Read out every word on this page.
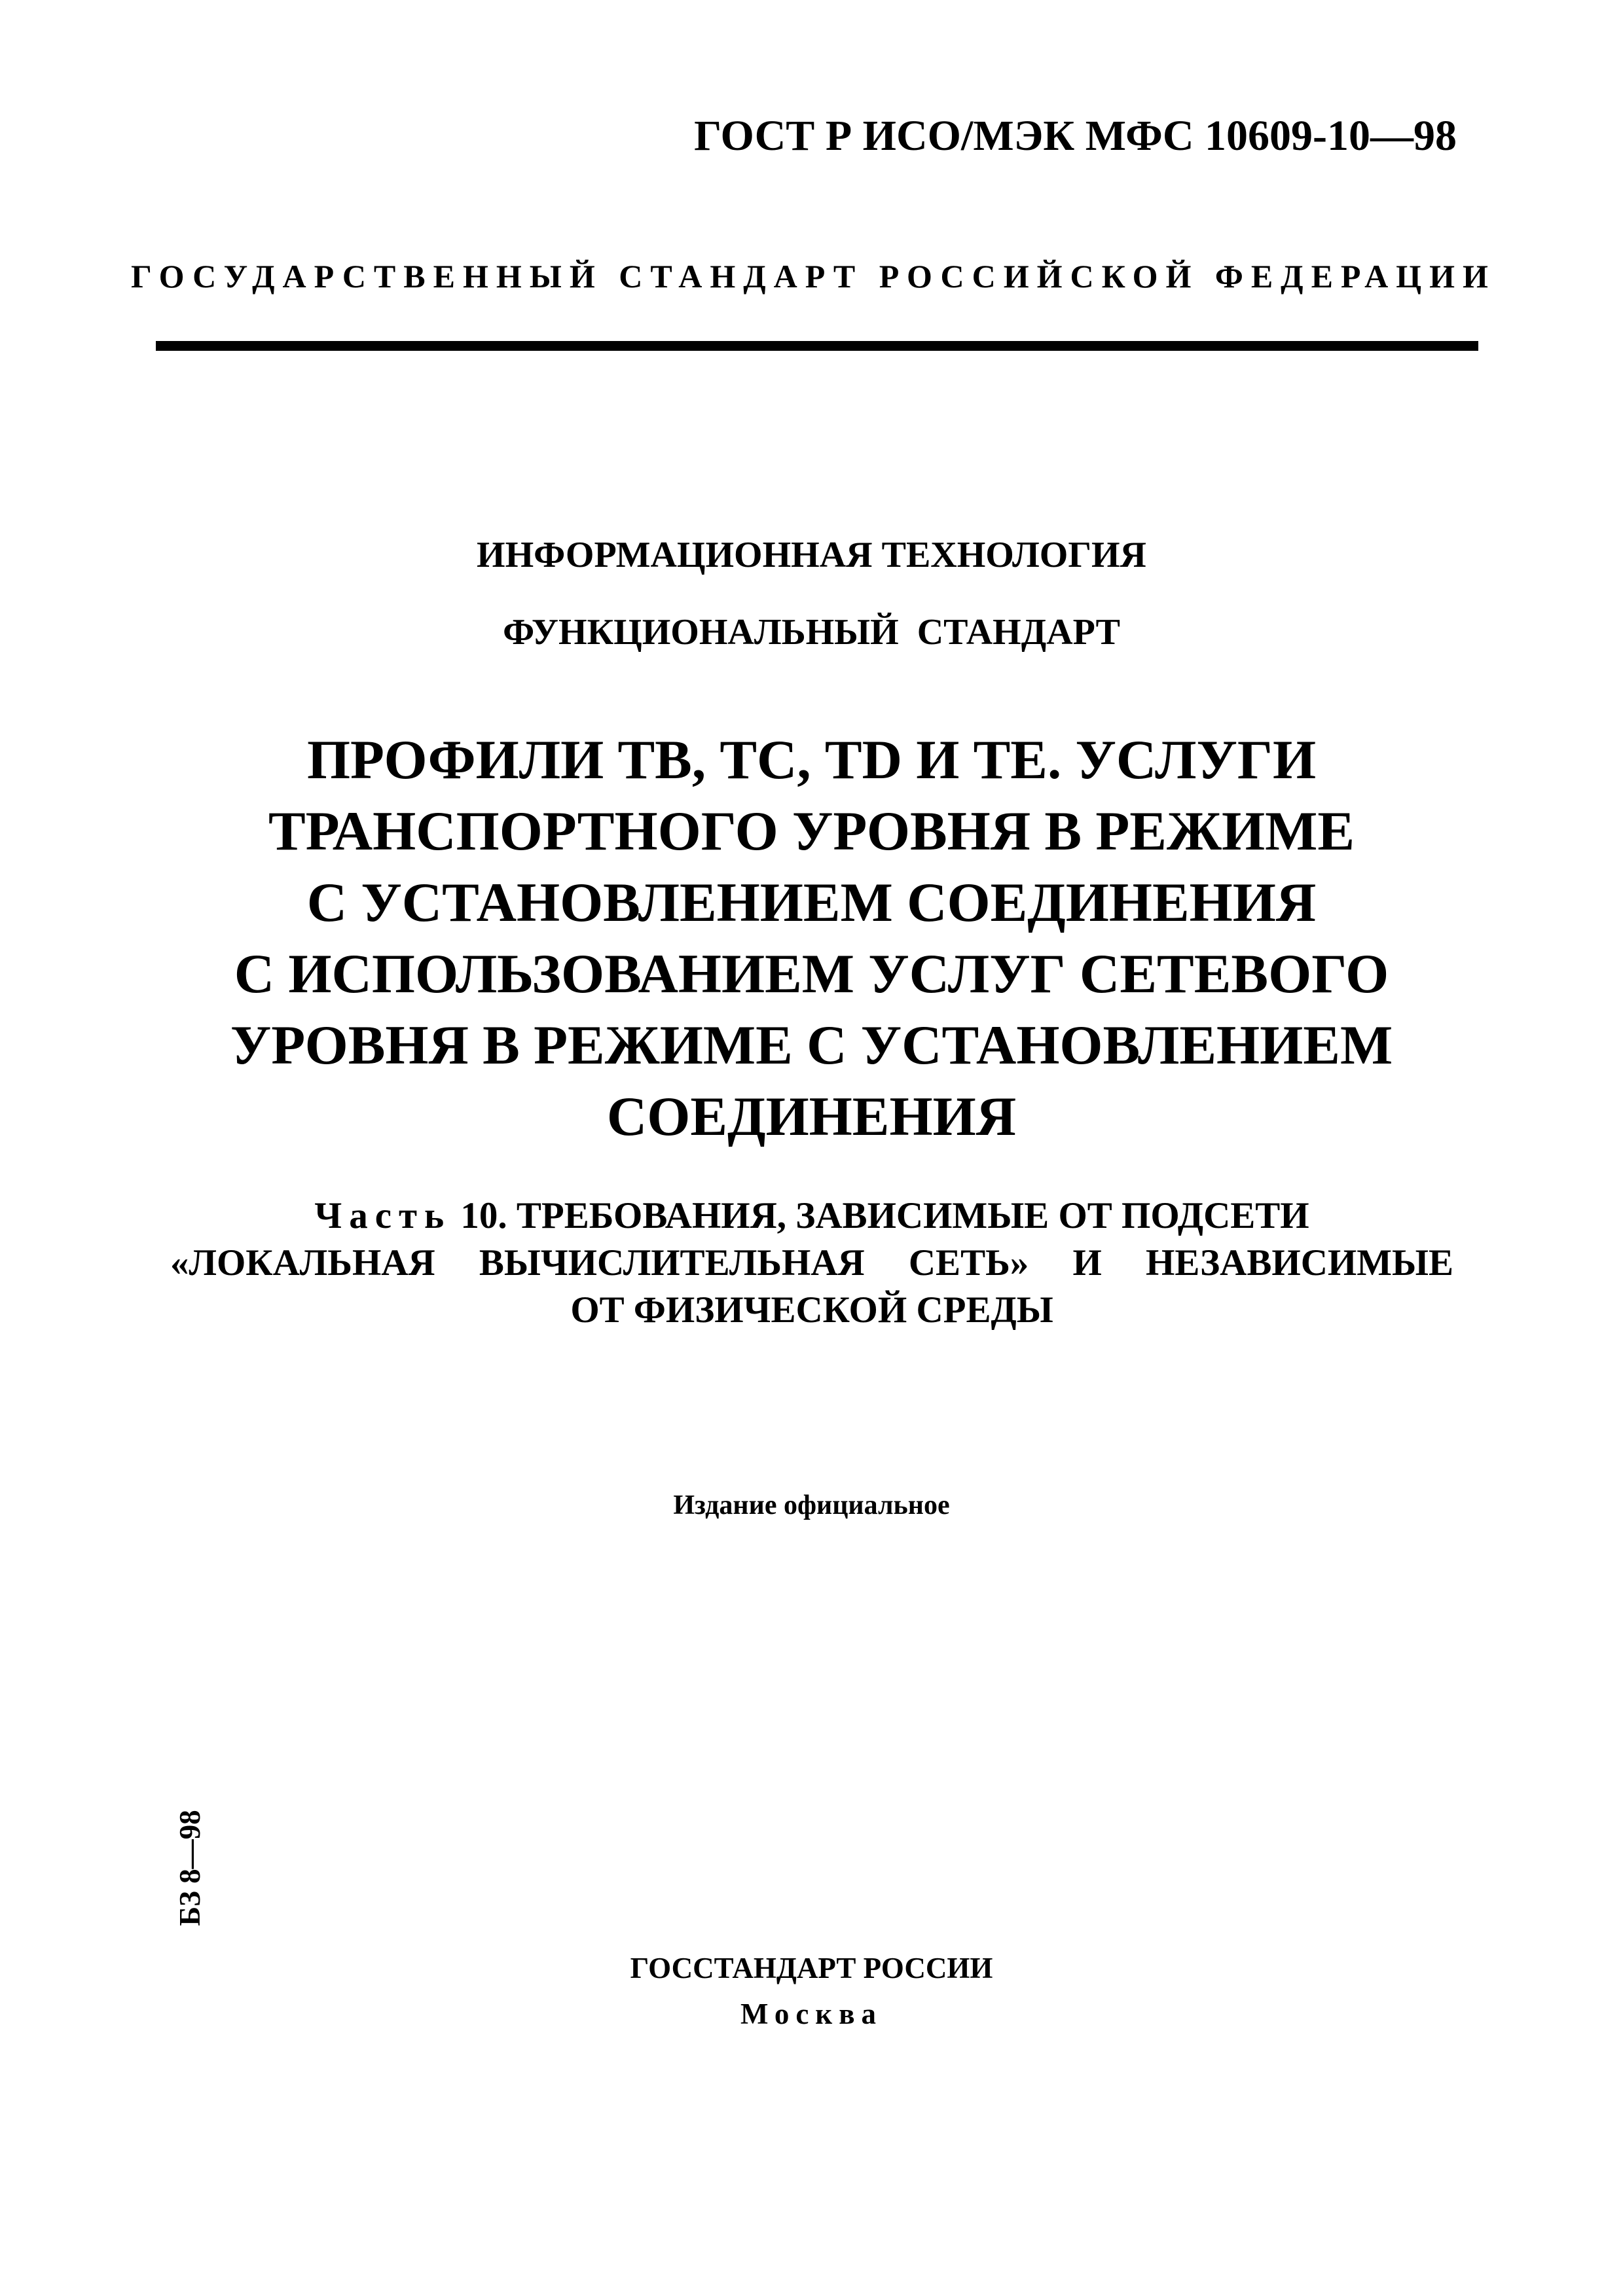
ГОСТ Р ИСО/МЭК МФС 10609-10—98
ГОСУДАРСТВЕННЫЙ СТАНДАРТ РОССИЙСКОЙ ФЕДЕРАЦИИ
ИНФОРМАЦИОННАЯ ТЕХНОЛОГИЯ
ФУНКЦИОНАЛЬНЫЙ СТАНДАРТ
ПРОФИЛИ ТВ, ТС, TD И ТЕ. УСЛУГИ
ТРАНСПОРТНОГО УРОВНЯ В РЕЖИМЕ
С УСТАНОВЛЕНИЕМ СОЕДИНЕНИЯ
С ИСПОЛЬЗОВАНИЕМ УСЛУГ СЕТЕВОГО
УРОВНЯ В РЕЖИМЕ С УСТАНОВЛЕНИЕМ
СОЕДИНЕНИЯ
Часть 10. ТРЕБОВАНИЯ, ЗАВИСИМЫЕ ОТ ПОДСЕТИ
«ЛОКАЛЬНАЯ ВЫЧИСЛИТЕЛЬНАЯ СЕТЬ» И НЕЗАВИСИМЫЕ
ОТ ФИЗИЧЕСКОЙ СРЕДЫ
Издание официальное
БЗ 8—98
ГОССТАНДАРТ РОССИИ
Москва
